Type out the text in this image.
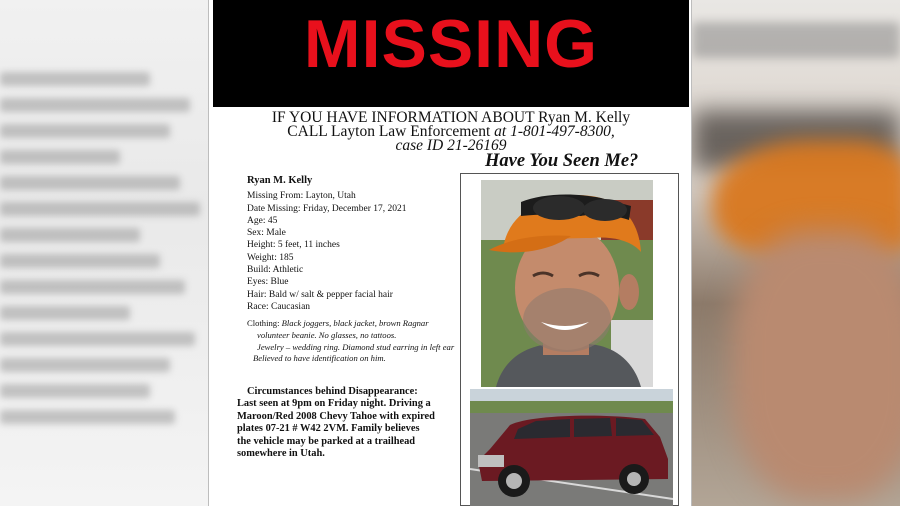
MISSING
IF YOU HAVE INFORMATION ABOUT Ryan M. Kelly
CALL Layton Law Enforcement at 1-801-497-8300,
case ID 21-26169
Have You Seen Me?
Ryan M. Kelly
Missing From: Layton, Utah
Date Missing: Friday, December 17, 2021
Age: 45
Sex: Male
Height: 5 feet, 11 inches
Weight: 185
Build: Athletic
Eyes: Blue
Hair: Bald w/ salt & pepper facial hair
Race: Caucasian
Clothing: Black joggers, black jacket, brown Ragnar
volunteer beanie. No glasses, no tattoos.
Jewelry – wedding ring. Diamond stud earring in left ear
Believed to have identification on him.
Circumstances behind Disappearance:
Last seen at 9pm on Friday night. Driving a
Maroon/Red 2008 Chevy Tahoe with expired
plates 07-21 # W42 2VM. Family believes
the vehicle may be parked at a trailhead
somewhere in Utah.
